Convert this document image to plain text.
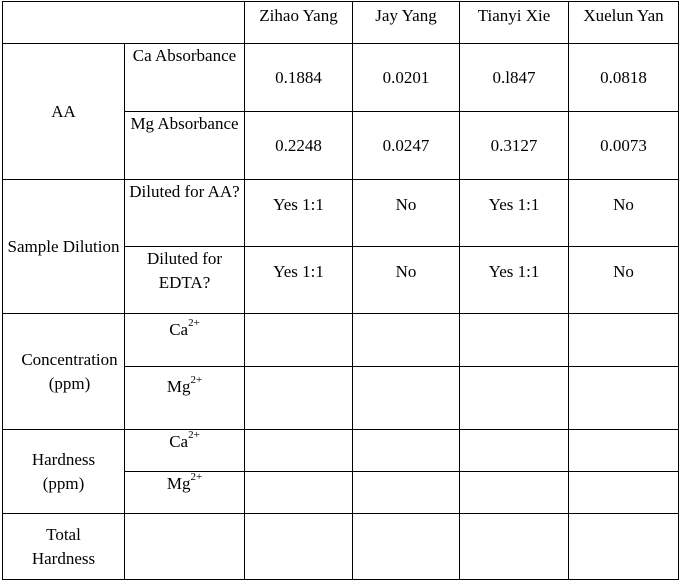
		Zihao Yang	Jay Yang	Tianyi Xie	Xuelun Yan
AA	Ca Absorbance	0.1884	0.0201	0.l847	0.0818
	Mg Absorbance	0.2248	0.0247	0.3127	0.0073
Sample Dilution	Diluted for AA?	Yes 1:1	No	Yes 1:1	No
	Diluted for EDTA?	Yes 1:1	No	Yes 1:1	No
Concentration (ppm)	$Ca^{2+}$				
	$Mg^{2+}$				
Hardness (ppm)	$Ca^{2+}$				
	$Mg^{2+}$				
Total Hardness					
